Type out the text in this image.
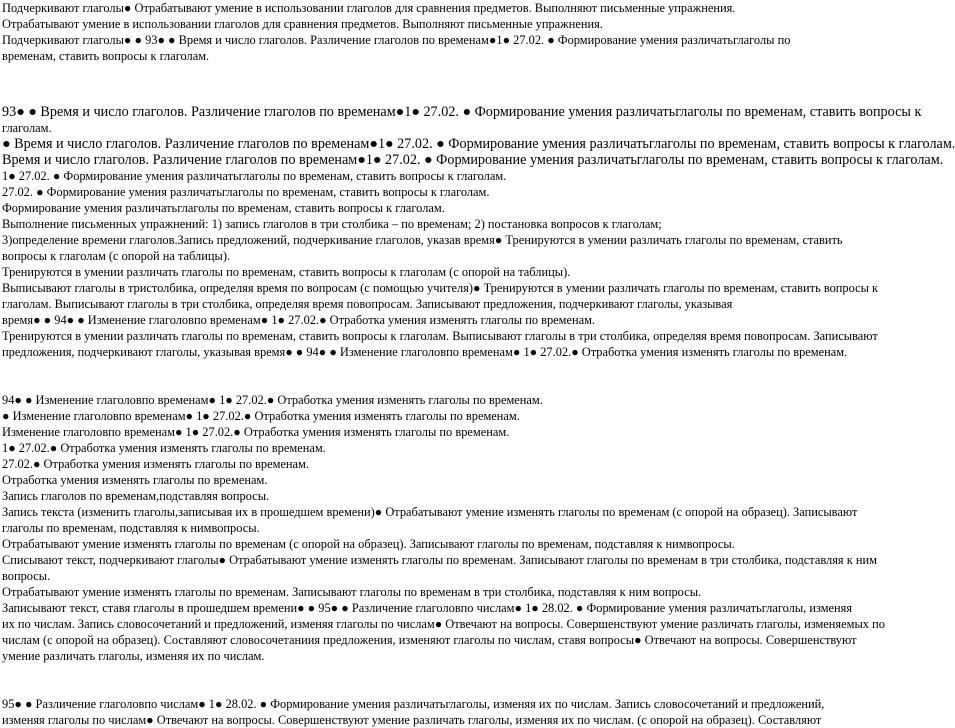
Подчеркивают глаголы● Отрабатывают умение в использовании глаголов для сравнения предметов. Выполняют письменные упражнения.
Отрабатывают умение в использовании глаголов для сравнения предметов. Выполняют письменные упражнения.
Подчеркивают глаголы● ● 93● ● Время и число глаголов. Различение глаголов по временам●1● 27.02. ● Формирование умения различатьглаголы по
временам, ставить вопросы к глаголам.
93● ● Время и число глаголов. Различение глаголов по временам●1● 27.02. ● Формирование умения различатьглаголы по временам, ставить вопросы к
глаголам.
● Время и число глаголов. Различение глаголов по временам●1● 27.02. ● Формирование умения различатьглаголы по временам, ставить вопросы к глаголам.
Время и число глаголов. Различение глаголов по временам●1● 27.02. ● Формирование умения различатьглаголы по временам, ставить вопросы к глаголам.
1● 27.02. ● Формирование умения различатьглаголы по временам, ставить вопросы к глаголам.
27.02. ● Формирование умения различатьглаголы по временам, ставить вопросы к глаголам.
Формирование умения различатьглаголы по временам, ставить вопросы к глаголам.
Выполнение письменных упражнений: 1) запись глаголов в три столбика – по временам; 2) постановка вопросов к глаголам;
3)определение времени глаголов.Запись предложений, подчеркивание глаголов, указав время● Тренируются в умении различать глаголы по временам, ставить
вопросы к глаголам (с опорой на таблицы).
Тренируются в умении различать глаголы по временам, ставить вопросы к глаголам (с опорой на таблицы).
Выписывают глаголы в тристолбика, определяя время по вопросам (с помощью учителя)● Тренируются в умении различать глаголы по временам, ставить вопросы к
глаголам. Выписывают глаголы в три столбика, определяя время повопросам. Записывают предложения, подчеркивают глаголы, указывая
время● ● 94● ● Изменение глаголовпо временам● 1● 27.02.● Отработка умения изменять глаголы по временам.
Тренируются в умении различать глаголы по временам, ставить вопросы к глаголам. Выписывают глаголы в три столбика, определяя время повопросам. Записывают
предложения, подчеркивают глаголы, указывая время● ● 94● ● Изменение глаголовпо временам● 1● 27.02.● Отработка умения изменять глаголы по временам.
94● ● Изменение глаголовпо временам● 1● 27.02.● Отработка умения изменять глаголы по временам.
● Изменение глаголовпо временам● 1● 27.02.● Отработка умения изменять глаголы по временам.
Изменение глаголовпо временам● 1● 27.02.● Отработка умения изменять глаголы по временам.
1● 27.02.● Отработка умения изменять глаголы по временам.
27.02.● Отработка умения изменять глаголы по временам.
Отработка умения изменять глаголы по временам.
Запись глаголов по временам,подставляя вопросы.
Запись текста (изменить глаголы,записывая их в прошедшем времени)● Отрабатывают умение изменять глаголы по временам (с опорой на образец). Записывают
глаголы по временам, подставляя к нимвопросы.
Отрабатывают умение изменять глаголы по временам (с опорой на образец). Записывают глаголы по временам, подставляя к нимвопросы.
Списывают текст, подчеркивают глаголы● Отрабатывают умение изменять глаголы по временам. Записывают глаголы по временам в три столбика, подставляя к ним
вопросы.
Отрабатывают умение изменять глаголы по временам. Записывают глаголы по временам в три столбика, подставляя к ним вопросы.
Записывают текст, ставя глаголы в прошедшем времени● ● 95● ● Различение глаголовпо числам● 1● 28.02. ● Формирование умения различатьглаголы, изменяя
их по числам. Запись словосочетаний и предложений, изменяя глаголы по числам● Отвечают на вопросы. Совершенствуют умение различать глаголы, изменяемых по
числам (с опорой на образец). Составляют словосочетаниия предложения, изменяют глаголы по числам, ставя вопросы● Отвечают на вопросы. Совершенствуют
умение различать глаголы, изменяя их по числам.
95● ● Различение глаголовпо числам● 1● 28.02. ● Формирование умения различатьглаголы, изменяя их по числам. Запись словосочетаний и предложений,
изменяя глаголы по числам● Отвечают на вопросы. Совершенствуют умение различать глаголы, изменяя их по числам. (с опорой на образец). Составляют
